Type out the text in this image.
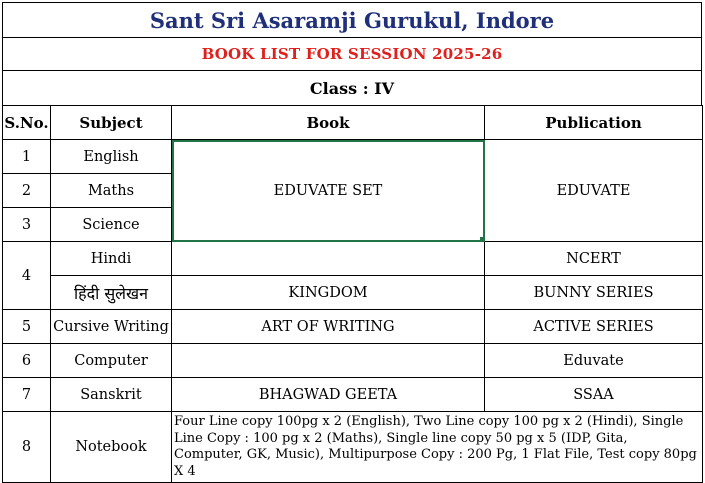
Sant Sri Asaramji Gurukul, Indore
BOOK LIST FOR SESSION 2025-26
Class : IV
S.No.	Subject	Book	Publication
1	English	EDUVATE SET	EDUVATE
2	Maths		
3	Science		
4	Hindi		NCERT
	हिंदी सुलेखन	KINGDOM	BUNNY SERIES
5	Cursive Writing	ART OF WRITING	ACTIVE SERIES
6	Computer		Eduvate
7	Sanskrit	BHAGWAD GEETA	SSAA
8	Notebook	Four Line copy 100pg x 2 (English), Two Line copy 100 pg x 2 (Hindi), Single Line Copy : 100 pg x 2 (Maths), Single line copy 50 pg x 5 (IDP, Gita, Computer, GK, Music), Multipurpose Copy : 200 Pg, 1 Flat File, Test copy 80pg X 4	
